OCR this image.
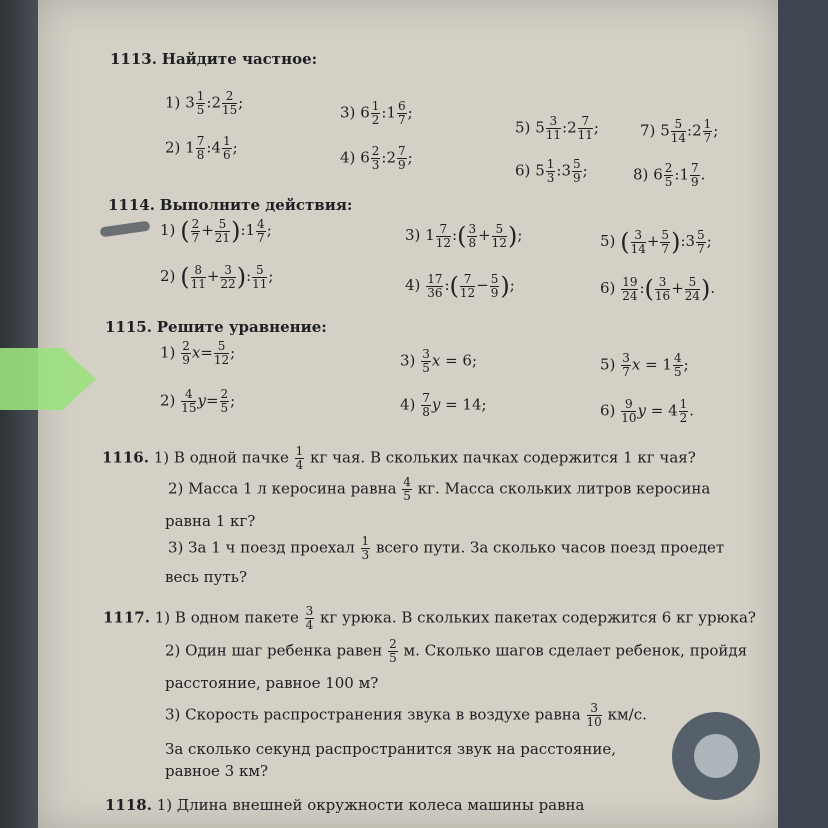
1113. Найдите частное:
1) $3 \frac{1}{5}$ :2 $\frac{2}{15}$ ;
2) $1 \frac{7}{8}$ :4 $\frac{1}{6}$ ;
3) $6 \frac{1}{2}$ :1 $\frac{6}{7}$ ;
4) $6 \frac{2}{3}$ :2 $\frac{7}{9}$ ;
5) $5 \frac{3}{11}$ :2 $\frac{7}{11}$ ;
6) $5 \frac{1}{3}$ :3 $\frac{5}{9}$ ;
7) $5 \frac{5}{14}$ :2 $\frac{1}{7}$ ;
8) $6 \frac{2}{5}$ :1 $\frac{7}{9}$ .
1114. Выполните действия:
1) ( $\frac{2}{7} + \frac{5}{21}$ ):1 $\frac{4}{7}$ ;
2) ( $\frac{8}{11} + \frac{3}{22}$ ): $\frac{5}{11}$ ;
3) $1 \frac{7}{12}$ :( $\frac{3}{8} + \frac{5}{12}$ );
$4) \frac{17}{36}$ :( $\frac{7}{12} - \frac{5}{9}$ );
5) ( $\frac{3}{14} + \frac{5}{7}$ ):3 $\frac{5}{7}$ ;
$6) \frac{19}{24}$ :( $\frac{3}{16} + \frac{5}{24}$ ).
1115. Решите уравнение:
$1) \frac{2}{9} x= \frac{5}{12}$ ;
$2) \frac{4}{15} y= \frac{2}{5}$ ;
$3) \frac{3}{5}$ x = 6;
$4) \frac{7}{8}$ y = 14;
$5) \frac{3}{7}$ $x = 1 \frac{4}{5}$ ;
$6) \frac{9}{10}$ $y = 4 \frac{1}{2}$ .
1116. 1) В одной пачке $\frac{1}{4}$ кг чая. В скольких пачках содержится 1 кг чая?
2) Масса 1 л керосина равна $\frac{4}{5}$ кг. Масса скольких литров керосина
равна 1 кг?
3) За 1 ч поезд проехал $\frac{1}{3}$ всего пути. За сколько часов поезд проедет
весь путь?
1117. 1) В одном пакете $\frac{3}{4}$ кг урюка. В скольких пакетах содержится 6 кг урюка?
2) Один шаг ребенка равен $\frac{2}{5} м$. Сколько шагов сделает ребенок, пройдя
расстояние, равное 100 м?
3) Скорость распространения звука в воздухе равна $\frac{3}{10} км/с$.
За сколько секунд распространится звук на расстояние,
равное 3 км?
1118. 1) Длина внешней окружности колеса машины равна
